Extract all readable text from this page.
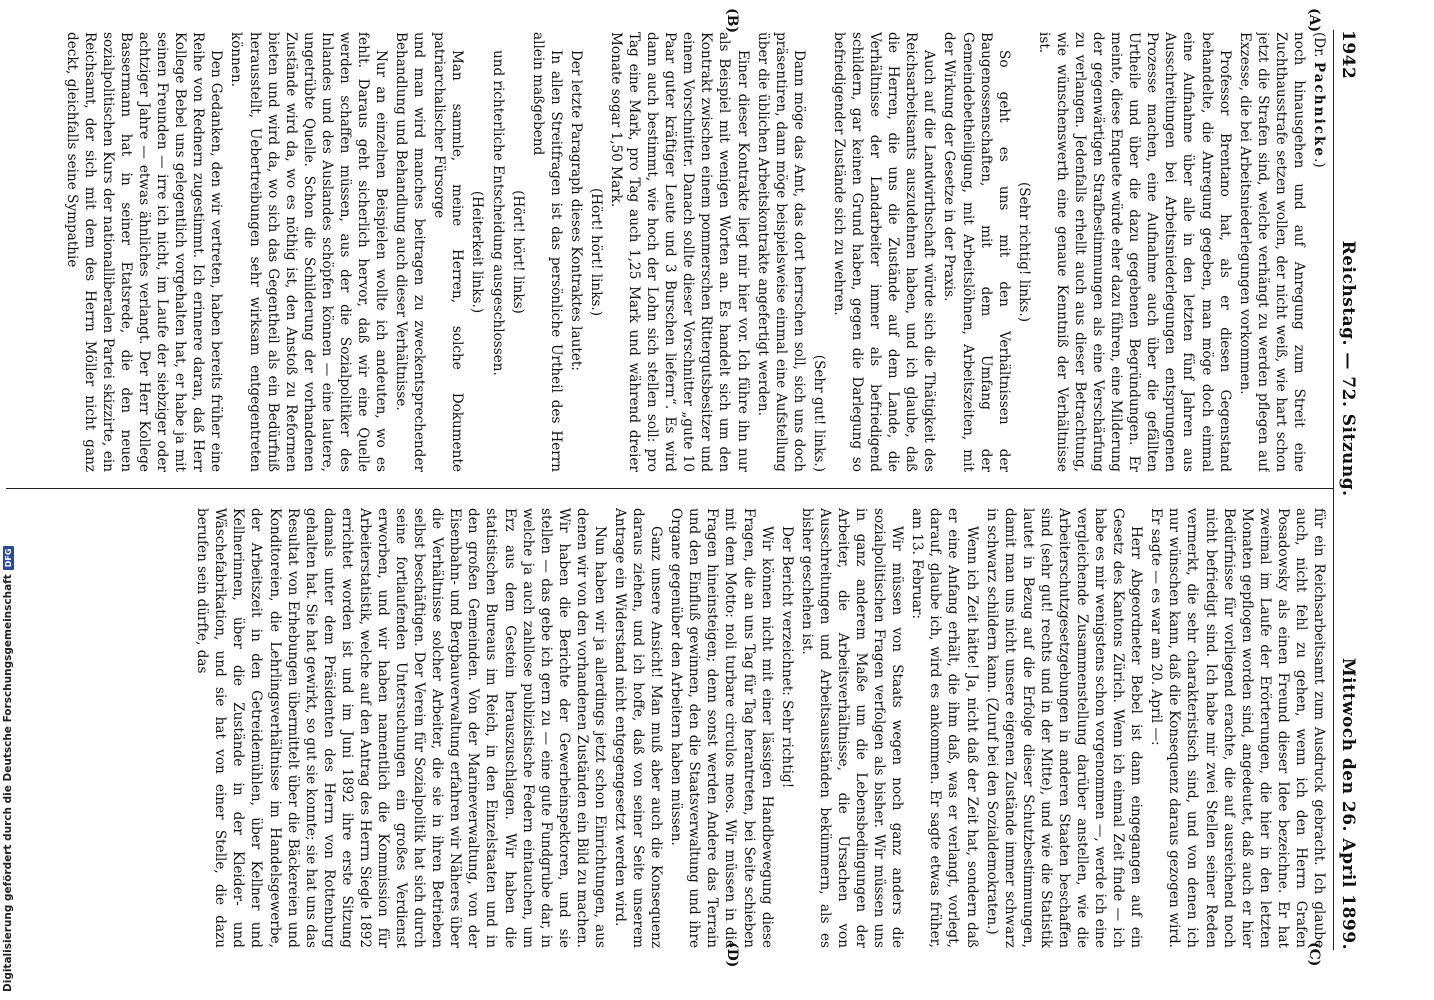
1942
Reichstag. — 72. Sitzung.
Mittwoch den 26. April 1899.
(A)
(B)
(C)
(D)

(Dr. Pachnicke.)

noch hinausgehen und auf Anregung zum Streit eine Zuchthausstrafe setzen wollen, der nicht weiß, wie hart schon jetzt die Strafen sind, welche verhängt zu werden pflegen auf Exzesse, die bei Arbeitsniederlegungen vorkommen.

Professor Brentano hat, als er diesen Gegenstand behandelte, die Anregung gegeben, man möge doch einmal eine Aufnahme über alle in den letzten fünf Jahren aus Ausschreitungen bei Arbeitsniederlegungen entsprungenen Prozesse machen, eine Aufnahme auch über die gefällten Urtheile und über die dazu gegebenen Begründungen. Er meinte, diese Enquete würde eher dazu führen, eine Milderung der gegenwärtigen Strafbestimmungen als eine Verschärfung zu verlangen. Jedenfalls erhellt auch aus dieser Betrachtung, wie wünschenswerth eine genaue Kenntniß der Verhältnisse ist.

(Sehr richtig! links.)

So geht es uns mit den Verhältnissen der Baugenossenschaften, mit dem Umfang der Gemeindebetheiligung, mit Arbeitslöhnen, Arbeitszeiten, mit der Wirkung der Gesetze in der Praxis.

Auch auf die Landwirthschaft würde sich die Thätigkeit des Reichsarbeitsamts auszudehnen haben, und ich glaube, daß die Herren, die uns die Zustände auf dem Lande, die Verhältnisse der Landarbeiter immer als befriedigend schildern, gar keinen Grund haben, gegen die Darlegung so befriedigender Zustände sich zu wehren.

(Sehr gut! links.)

Dann möge das Amt, das dort herrschen soll, sich uns doch präsentiren, dann möge beispielsweise einmal eine Aufstellung über die üblichen Arbeitskontrakte angefertigt werden.

Einer dieser Kontrakte liegt mir hier vor. Ich führe ihn nur als Beispiel mit wenigen Worten an. Es handelt sich um den Kontrakt zwischen einem pommerschen Rittergutsbesitzer und einem Vorschnitter. Danach sollte dieser Vorschnitter „gute 10 Paar guter kräftiger Leute und 3 Burschen liefern“. Es wird dann auch bestimmt, wie hoch der Lohn sich stellen soll: pro Tag eine Mark, pro Tag auch 1,25 Mark und während dreier Monate sogar 1,50 Mark.

(Hört! hört! links.)

Der letzte Paragraph dieses Kontraktes lautet:

In allen Streitfragen ist das persönliche Urtheil des Herrn allein maßgebend

(Hört! hört! links)

und richterliche Entscheidung ausgeschlossen.

(Heiterkeit links.)

Man sammle, meine Herren, solche Dokumente patriarchalischer Fürsorge

und man wird manches beitragen zu zweckentsprechender Behandlung und Behandlung auch dieser Verhältnisse.

Nur an einzelnen Beispielen wollte ich andeuten, wo es fehlt. Daraus geht sicherlich hervor, daß wir eine Quelle werden schaffen müssen, aus der die Sozialpolitiker des Inlandes und des Auslandes schöpfen können — eine lautere, ungetrübte Quelle. Schon die Schilderung der vorhandenen Zustände wird da, wo es nöthig ist, den Anstoß zu Reformen bieten und wird da, wo sich das Gegentheil als ein Bedürfniß herausstellt, Uebertreibungen sehr wirksam entgegentreten können.

Den Gedanken, den wir vertreten, haben bereits früher eine Reihe von Rednern zugestimmt. Ich erinnere daran, daß Herr Kollege Bebel uns gelegentlich vorgehalten hat, er habe ja mit seinen Freunden — irre ich nicht, im Laufe der siebziger oder achtziger Jahre — etwas ähnliches verlangt. Der Herr Kollege Bassermann hat in seiner Etatsrede, die den neuen sozialpolitischen Kurs der nationalliberalen Partei skizzirte, ein Reichsamt, der sich mit dem des Herrn Möller nicht ganz deckt, gleichfalls seine Sympathie

für ein Reichsarbeitsamt zum Ausdruck gebracht. Ich glaube auch, nicht fehl zu gehen, wenn ich den Herrn Grafen Posadowsky als einen Freund dieser Idee bezeichne. Er hat zweimal im Laufe der Erörterungen, die hier in den letzten Monaten gepflogen worden sind, angedeutet, daß auch er hier Bedürfnisse für vorliegend erachte, die auf ausreichend noch nicht befriedigt sind. Ich habe mir zwei Stellen seiner Reden vermerkt, die sehr charakteristisch sind, und von denen ich nur wünschen kann, daß die Konsequenz daraus gezogen wird. Er sagte — es war am 20. April —:

Herr Abgeordneter Bebel ist dann eingegangen auf ein Gesetz des Kantons Zürich. Wenn ich einmal Zeit finde — ich habe es mir wenigstens schon vorgenommen —, werde ich eine vergleichende Zusammenstellung darüber anstellen, wie die Arbeiterschutzgesetzgebungen in anderen Staaten beschaffen sind (sehr gut! rechts und in der Mitte), und wie die Statistik lautet in Bezug auf die Erfolge dieser Schutzbestimmungen, damit man uns nicht unsere eigenen Zustände immer schwarz in schwarz schildern kann. (Zuruf bei den Sozialdemokraten.)

Wenn ich Zeit hätte! Ja, nicht daß der Zeit hat, sondern daß er eine Anfang erhält, die ihm daß, was er verlangt, vorlegt, darauf, glaube ich, wird es ankommen. Er sagte etwas früher, am 13. Februar:

Wir müssen von Staats wegen noch ganz anders die sozialpolitischen Fragen verfolgen als bisher. Wir müssen uns in ganz anderem Maße um die Lebensbedingungen der Arbeiter, die Arbeitsverhältnisse, die Ursachen von Ausschreitungen und Arbeitsausständen bekümmern, als es bisher geschehen ist.

Der Bericht verzeichnet: Sehr richtig!

Wir können nicht mit einer lässigen Handbewegung diese Fragen, die an uns Tag für Tag herantreten, bei Seite schieben mit dem Motto: noli turbare circulos meos. Wir müssen in die Fragen hineinsteigen; denn sonst werden Andere das Terrain und den Einfluß gewinnen, den die Staatsverwaltung und ihre Organe gegenüber den Arbeitern haben müssen.

Ganz unsere Ansicht! Man muß aber auch die Konsequenz daraus ziehen, und ich hoffe, daß von seiner Seite unserem Antrage ein Widerstand nicht entgegengesetzt werden wird.

Nun haben wir ja allerdings jetzt schon Einrichtungen, aus denen wir von den vorhandenen Zuständen ein Bild zu machen. Wir haben die Berichte der Gewerbeinspektoren, und sie stellen — das gebe ich gern zu — eine gute Fundgrube dar, in welche ja auch zahllose publizistische Federn eintauchen, um Erz aus dem Gestein herauszuschlagen. Wir haben die statistischen Bureaus im Reich, in den Einzelstaaten und in den großen Gemeinden. Von der Marineverwaltung, von der Eisenbahn- und Bergbauverwaltung erfahren wir Näheres über die Verhältnisse solcher Arbeiter, die sie in ihren Betrieben selbst beschäftigen. Der Verein für Sozialpolitik hat sich durch seine fortlaufenden Untersuchungen ein großes Verdienst erworben, und wir haben namentlich die Kommission für Arbeiterstatistik, welche auf den Antrag des Herrn Siegle 1892 errichtet worden ist und im Juni 1892 ihre erste Sitzung damals unter dem Präsidenten des Herrn von Rottenburg gehalten hat. Sie hat gewirkt, so gut sie konnte; sie hat uns das Resultat von Erhebungen übermittelt über die Bäckereien und Konditoreien, die Lehrlingsverhältnisse im Handelsgewerbe, der Arbeitszeit in den Getreidemühlen, über Kellner und Kellnerinnen, über die Zustände in der Kleider- und Wäschefabrikation, und sie hat von einer Stelle, die dazu berufen sein dürfte, das

Digitalisierung gefördert durch die Deutsche Forschungsgemeinschaft
DFG
